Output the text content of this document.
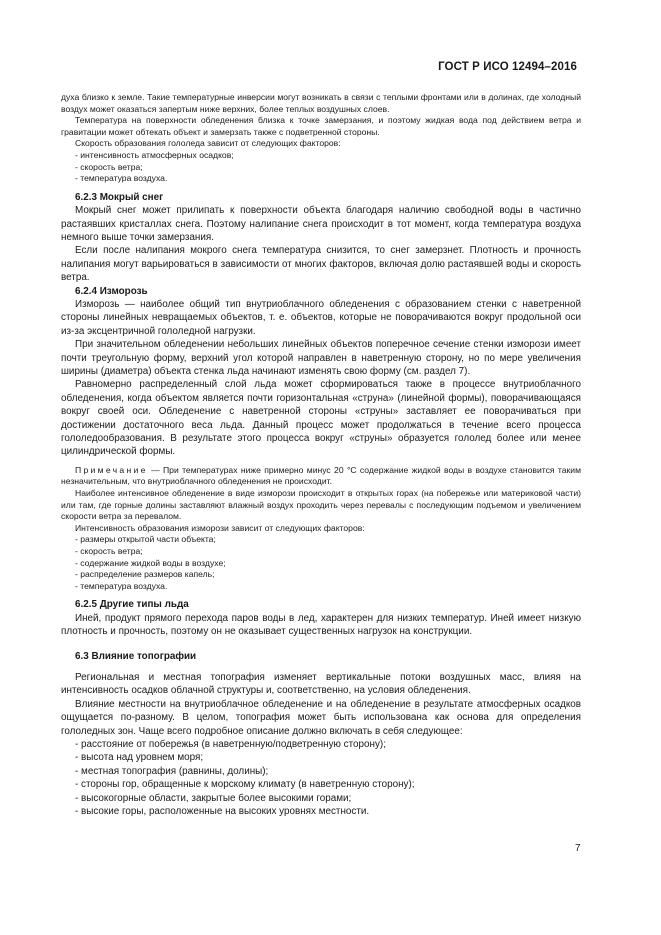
ГОСТ Р ИСО 12494–2016

духа близко к земле. Такие температурные инверсии могут возникать в связи с теплыми фронтами или в долинах, где холодный воздух может оказаться запертым ниже верхних, более теплых воздушных слоев.

Температура на поверхности обледенения близка к точке замерзания, и поэтому жидкая вода под действием ветра и гравитации может обтекать объект и замерзать также с подветренной стороны.

Скорость образования гололеда зависит от следующих факторов:

- интенсивность атмосферных осадков;

- скорость ветра;

- температура воздуха.

6.2.3 Мокрый снег

Мокрый снег может прилипать к поверхности объекта благодаря наличию свободной воды в частично растаявших кристаллах снега. Поэтому налипание снега происходит в тот момент, когда температура воздуха немного выше точки замерзания.

Если после налипания мокрого снега температура снизится, то снег замерзнет. Плотность и прочность налипания могут варьироваться в зависимости от многих факторов, включая долю растаявшей воды и скорость ветра.

6.2.4 Изморозь

Изморозь — наиболее общий тип внутриоблачного обледенения с образованием стенки с наветренной стороны линейных невращаемых объектов, т. е. объектов, которые не поворачиваются вокруг продольной оси из-за эксцентричной гололедной нагрузки.

При значительном обледенении небольших линейных объектов поперечное сечение стенки изморози имеет почти треугольную форму, верхний угол которой направлен в наветренную сторону, но по мере увеличения ширины (диаметра) объекта стенка льда начинают изменять свою форму (см. раздел 7).

Равномерно распределенный слой льда может сформироваться также в процессе внутриоблачного обледенения, когда объектом является почти горизонтальная «струна» (линейной формы), поворачивающаяся вокруг своей оси. Обледенение с наветренной стороны «струны» заставляет ее поворачиваться при достижении достаточного веса льда. Данный процесс может продолжаться в течение всего процесса гололедообразования. В результате этого процесса вокруг «струны» образуется гололед более или менее цилиндрической формы.

Примечание — При температурах ниже примерно минус 20 °С содержание жидкой воды в воздухе становится таким незначительным, что внутриоблачного обледенения не происходит.

Наиболее интенсивное обледенение в виде изморози происходит в открытых горах (на побережье или материковой части) или там, где горные долины заставляют влажный воздух проходить через перевалы с последующим подъемом и увеличением скорости ветра за перевалом.

Интенсивность образования изморози зависит от следующих факторов:

- размеры открытой части объекта;

- скорость ветра;

- содержание жидкой воды в воздухе;

- распределение размеров капель;

- температура воздуха.

6.2.5 Другие типы льда

Иней, продукт прямого перехода паров воды в лед, характерен для низких температур. Иней имеет низкую плотность и прочность, поэтому он не оказывает существенных нагрузок на конструкции.

6.3 Влияние топографии

Региональная и местная топография изменяет вертикальные потоки воздушных масс, влияя на интенсивность осадков облачной структуры и, соответственно, на условия обледенения.

Влияние местности на внутриоблачное обледенение и на обледенение в результате атмосферных осадков ощущается по-разному. В целом, топография может быть использована как основа для определения гололедных зон. Чаще всего подробное описание должно включать в себя следующее:

- расстояние от побережья (в наветренную/подветренную сторону);

- высота над уровнем моря;

- местная топография (равнины, долины);

- стороны гор, обращенные к морскому климату (в наветренную сторону);

- высокогорные области, закрытые более высокими горами;

- высокие горы, расположенные на высоких уровнях местности.

7
